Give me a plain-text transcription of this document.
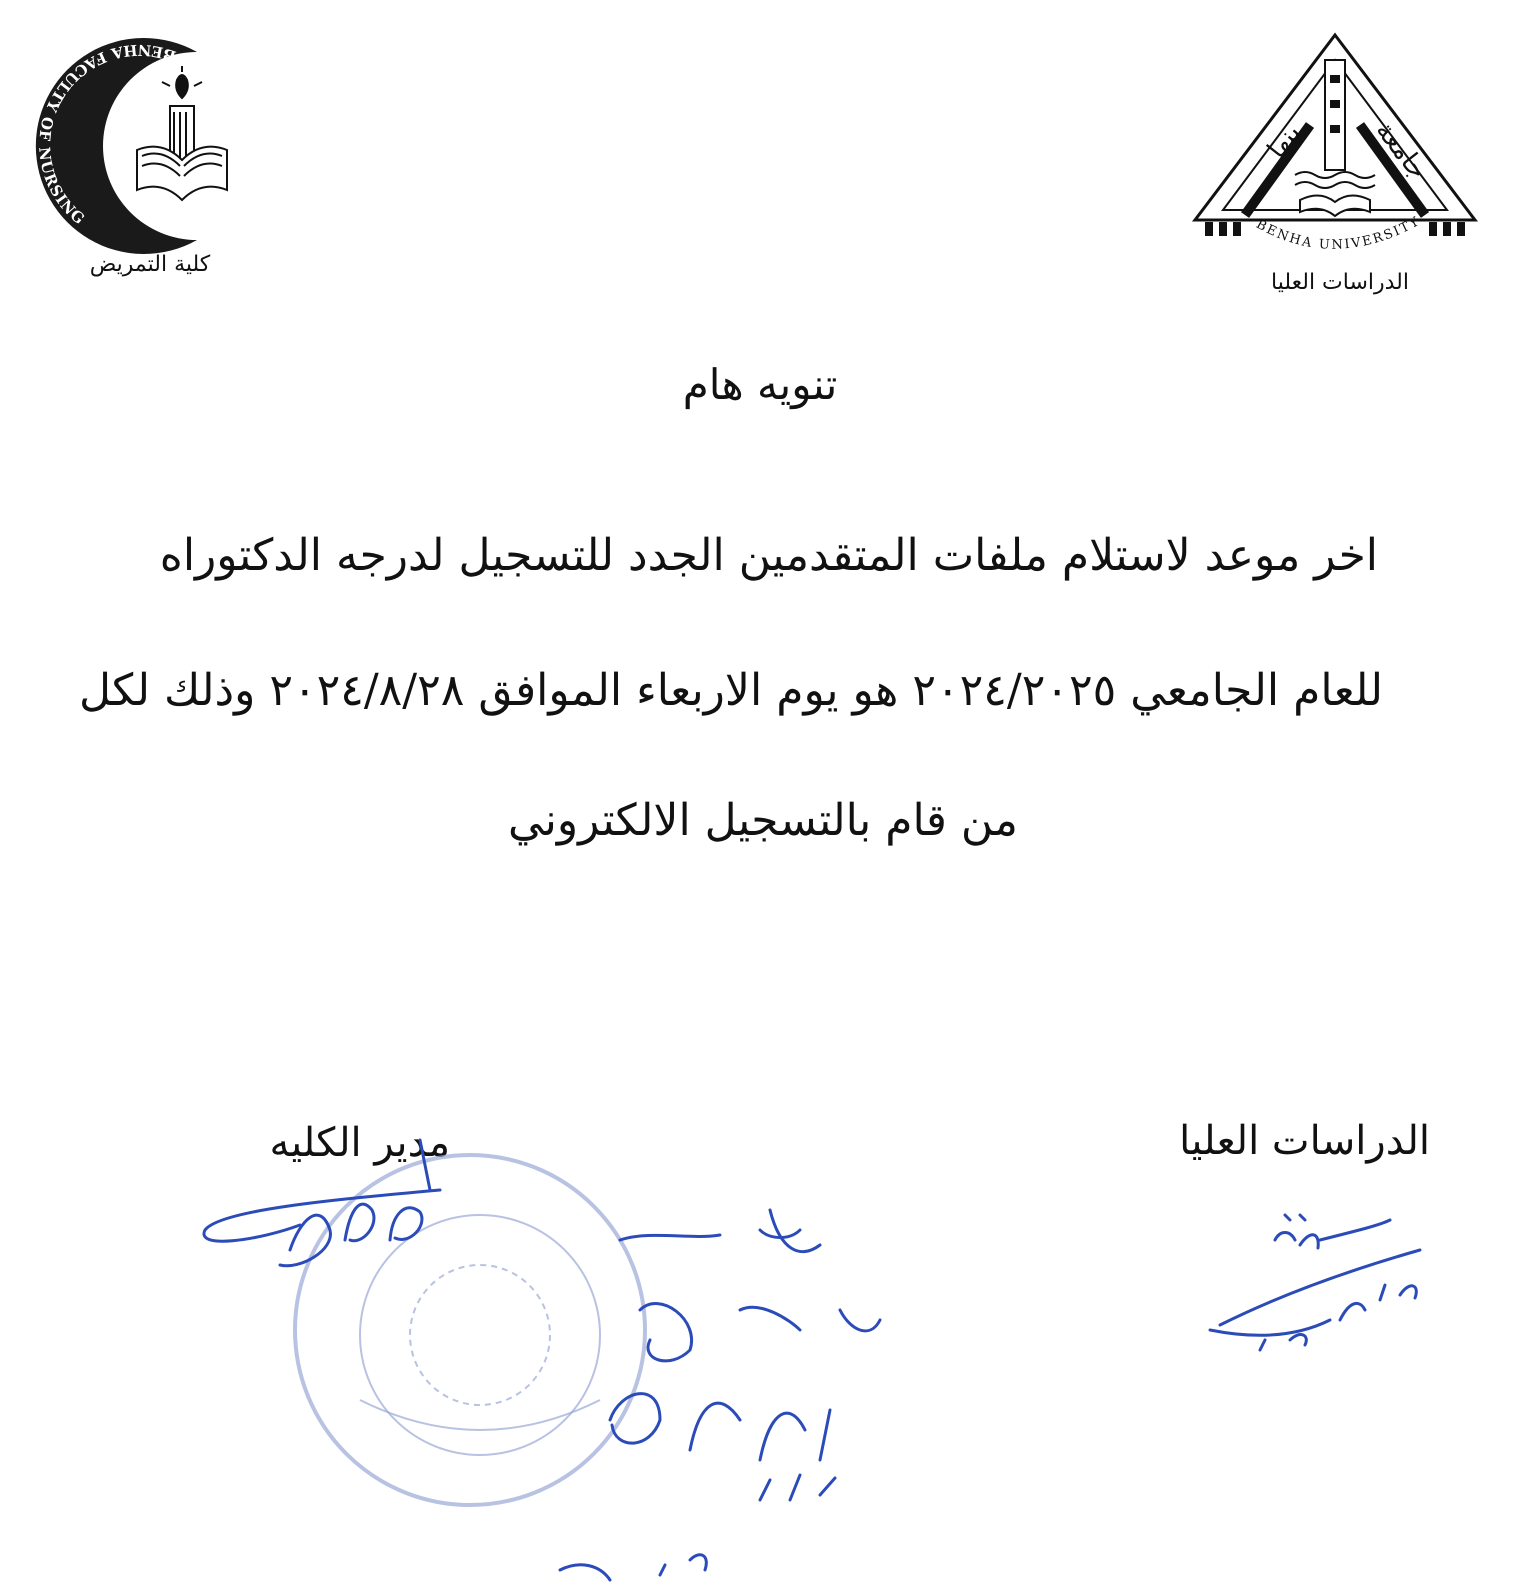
BENHA FACULTY OF NURSING
كلية التمريض
بنها جامعة
BENHA UNIVERSITY
الدراسات العليا
تنويه هام
اخر موعد لاستلام ملفات المتقدمين الجدد للتسجيل لدرجه الدكتوراه
للعام الجامعي ٢٠٢٤/٢٠٢٥ هو يوم الاربعاء الموافق ٢٠٢٤/٨/٢٨ وذلك لكل
من قام بالتسجيل الالكتروني
مدير الكليه	الدراسات العليا
